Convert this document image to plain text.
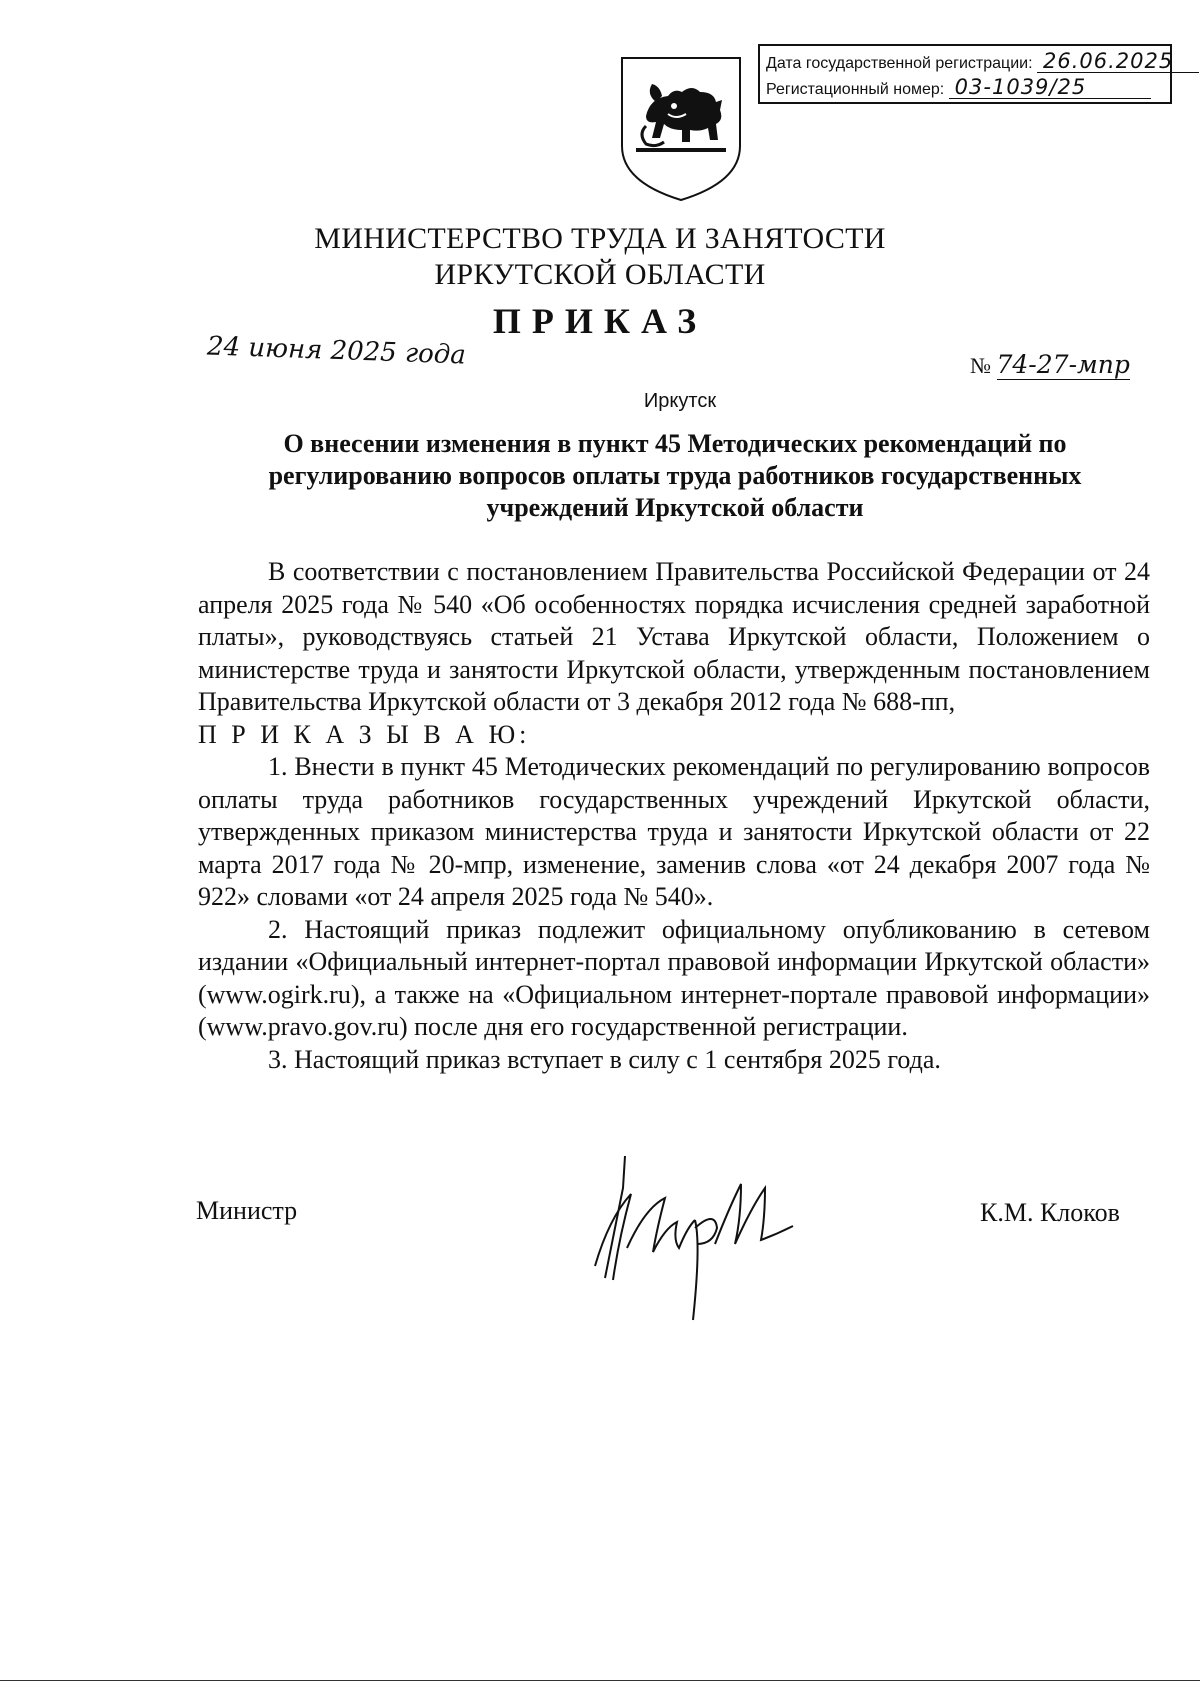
Дата государственной регистрации: 26.06.2025
Регистационный номер: 03-1039/25
МИНИСТЕРСТВО ТРУДА И ЗАНЯТОСТИ
ИРКУТСКОЙ ОБЛАСТИ
ПРИКАЗ
24 июня 2025 года	№ 74-27-мпр
Иркутск
О внесении изменения в пункт 45 Методических рекомендаций по регулированию вопросов оплаты труда работников государственных учреждений Иркутской области

В соответствии с постановлением Правительства Российской Федерации от 24 апреля 2025 года № 540 «Об особенностях порядка исчисления средней заработной платы», руководствуясь статьей 21 Устава Иркутской области, Положением о министерстве труда и занятости Иркутской области, утвержденным постановлением Правительства Иркутской области от 3 декабря 2012 года № 688-пп,

П Р И К А З Ы В А Ю:

1. Внести в пункт 45 Методических рекомендаций по регулированию вопросов оплаты труда работников государственных учреждений Иркутской области, утвержденных приказом министерства труда и занятости Иркутской области от 22 марта 2017 года № 20-мпр, изменение, заменив слова «от 24 декабря 2007 года № 922» словами «от 24 апреля 2025 года № 540».

2. Настоящий приказ подлежит официальному опубликованию в сетевом издании «Официальный интернет-портал правовой информации Иркутской области» (www.ogirk.ru), а также на «Официальном интернет-портале правовой информации» (www.pravo.gov.ru) после дня его государственной регистрации.

3. Настоящий приказ вступает в силу с 1 сентября 2025 года.

Министр	К.М. Клоков
